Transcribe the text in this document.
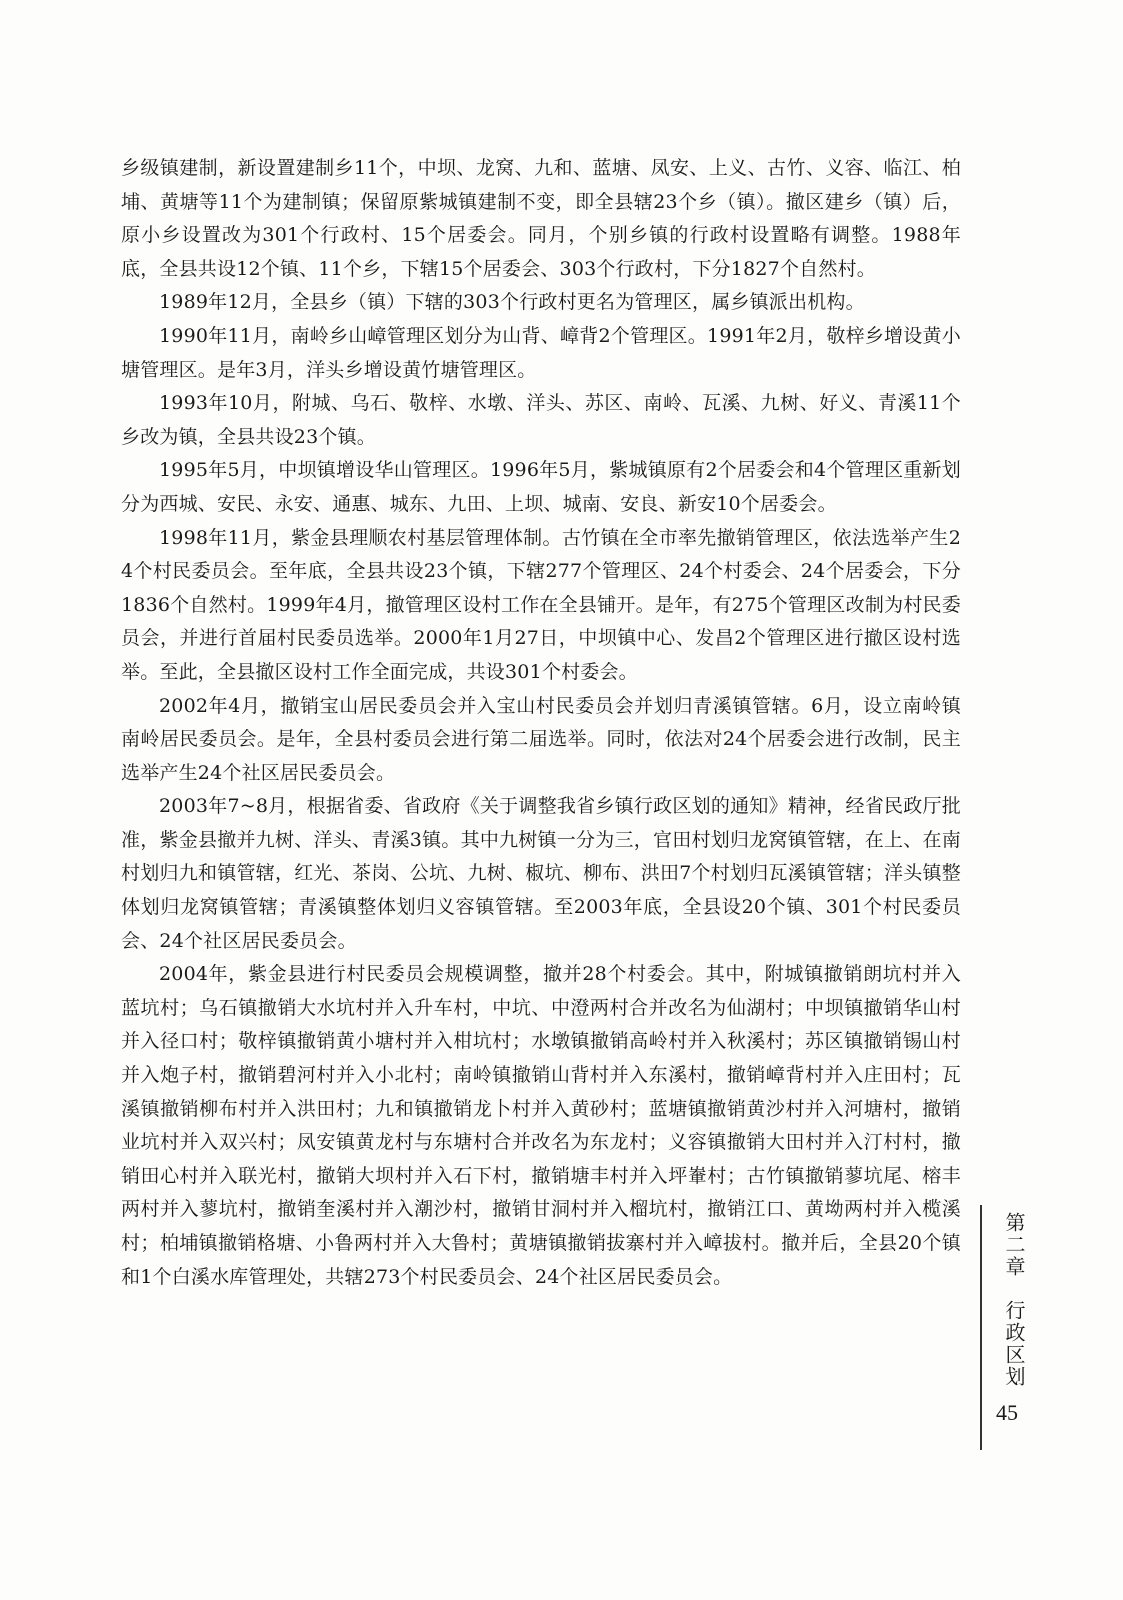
乡级镇建制，新设置建制乡11个，中坝、龙窝、九和、蓝塘、凤安、上义、古竹、义容、临江、柏埔、黄塘等11个为建制镇；保留原紫城镇建制不变，即全县辖23个乡（镇）。撤区建乡（镇）后，原小乡设置改为301个行政村、15个居委会。同月，个别乡镇的行政村设置略有调整。1988年底，全县共设12个镇、11个乡，下辖15个居委会、303个行政村，下分1827个自然村。

1989年12月，全县乡（镇）下辖的303个行政村更名为管理区，属乡镇派出机构。

1990年11月，南岭乡山嶂管理区划分为山背、嶂背2个管理区。1991年2月，敬梓乡增设黄小塘管理区。是年3月，洋头乡增设黄竹塘管理区。

1993年10月，附城、乌石、敬梓、水墩、洋头、苏区、南岭、瓦溪、九树、好义、青溪11个乡改为镇，全县共设23个镇。

1995年5月，中坝镇增设华山管理区。1996年5月，紫城镇原有2个居委会和4个管理区重新划分为西城、安民、永安、通惠、城东、九田、上坝、城南、安良、新安10个居委会。

1998年11月，紫金县理顺农村基层管理体制。古竹镇在全市率先撤销管理区，依法选举产生24个村民委员会。至年底，全县共设23个镇，下辖277个管理区、24个村委会、24个居委会，下分1836个自然村。1999年4月，撤管理区设村工作在全县铺开。是年，有275个管理区改制为村民委员会，并进行首届村民委员选举。2000年1月27日，中坝镇中心、发昌2个管理区进行撤区设村选举。至此，全县撤区设村工作全面完成，共设301个村委会。

2002年4月，撤销宝山居民委员会并入宝山村民委员会并划归青溪镇管辖。6月，设立南岭镇南岭居民委员会。是年，全县村委员会进行第二届选举。同时，依法对24个居委会进行改制，民主选举产生24个社区居民委员会。

2003年7~8月，根据省委、省政府《关于调整我省乡镇行政区划的通知》精神，经省民政厅批准，紫金县撤并九树、洋头、青溪3镇。其中九树镇一分为三，官田村划归龙窝镇管辖，在上、在南村划归九和镇管辖，红光、茶岗、公坑、九树、椒坑、柳布、洪田7个村划归瓦溪镇管辖；洋头镇整体划归龙窝镇管辖；青溪镇整体划归义容镇管辖。至2003年底，全县设20个镇、301个村民委员会、24个社区居民委员会。

2004年，紫金县进行村民委员会规模调整，撤并28个村委会。其中，附城镇撤销朗坑村并入蓝坑村；乌石镇撤销大水坑村并入升车村，中坑、中澄两村合并改名为仙湖村；中坝镇撤销华山村并入径口村；敬梓镇撤销黄小塘村并入柑坑村；水墩镇撤销高岭村并入秋溪村；苏区镇撤销锡山村并入炮子村，撤销碧河村并入小北村；南岭镇撤销山背村并入东溪村，撤销嶂背村并入庄田村；瓦溪镇撤销柳布村并入洪田村；九和镇撤销龙卜村并入黄砂村；蓝塘镇撤销黄沙村并入河塘村，撤销业坑村并入双兴村；凤安镇黄龙村与东塘村合并改名为东龙村；义容镇撤销大田村并入汀村村，撤销田心村并入联光村，撤销大坝村并入石下村，撤销塘丰村并入坪輋村；古竹镇撤销蓼坑尾、榕丰两村并入蓼坑村，撤销奎溪村并入潮沙村，撤销甘洞村并入榴坑村，撤销江口、黄坳两村并入榄溪村；柏埔镇撤销格塘、小鲁两村并入大鲁村；黄塘镇撤销拔寨村并入嶂拔村。撤并后，全县20个镇和1个白溪水库管理处，共辖273个村民委员会、24个社区居民委员会。	第二章　行政区划
45
